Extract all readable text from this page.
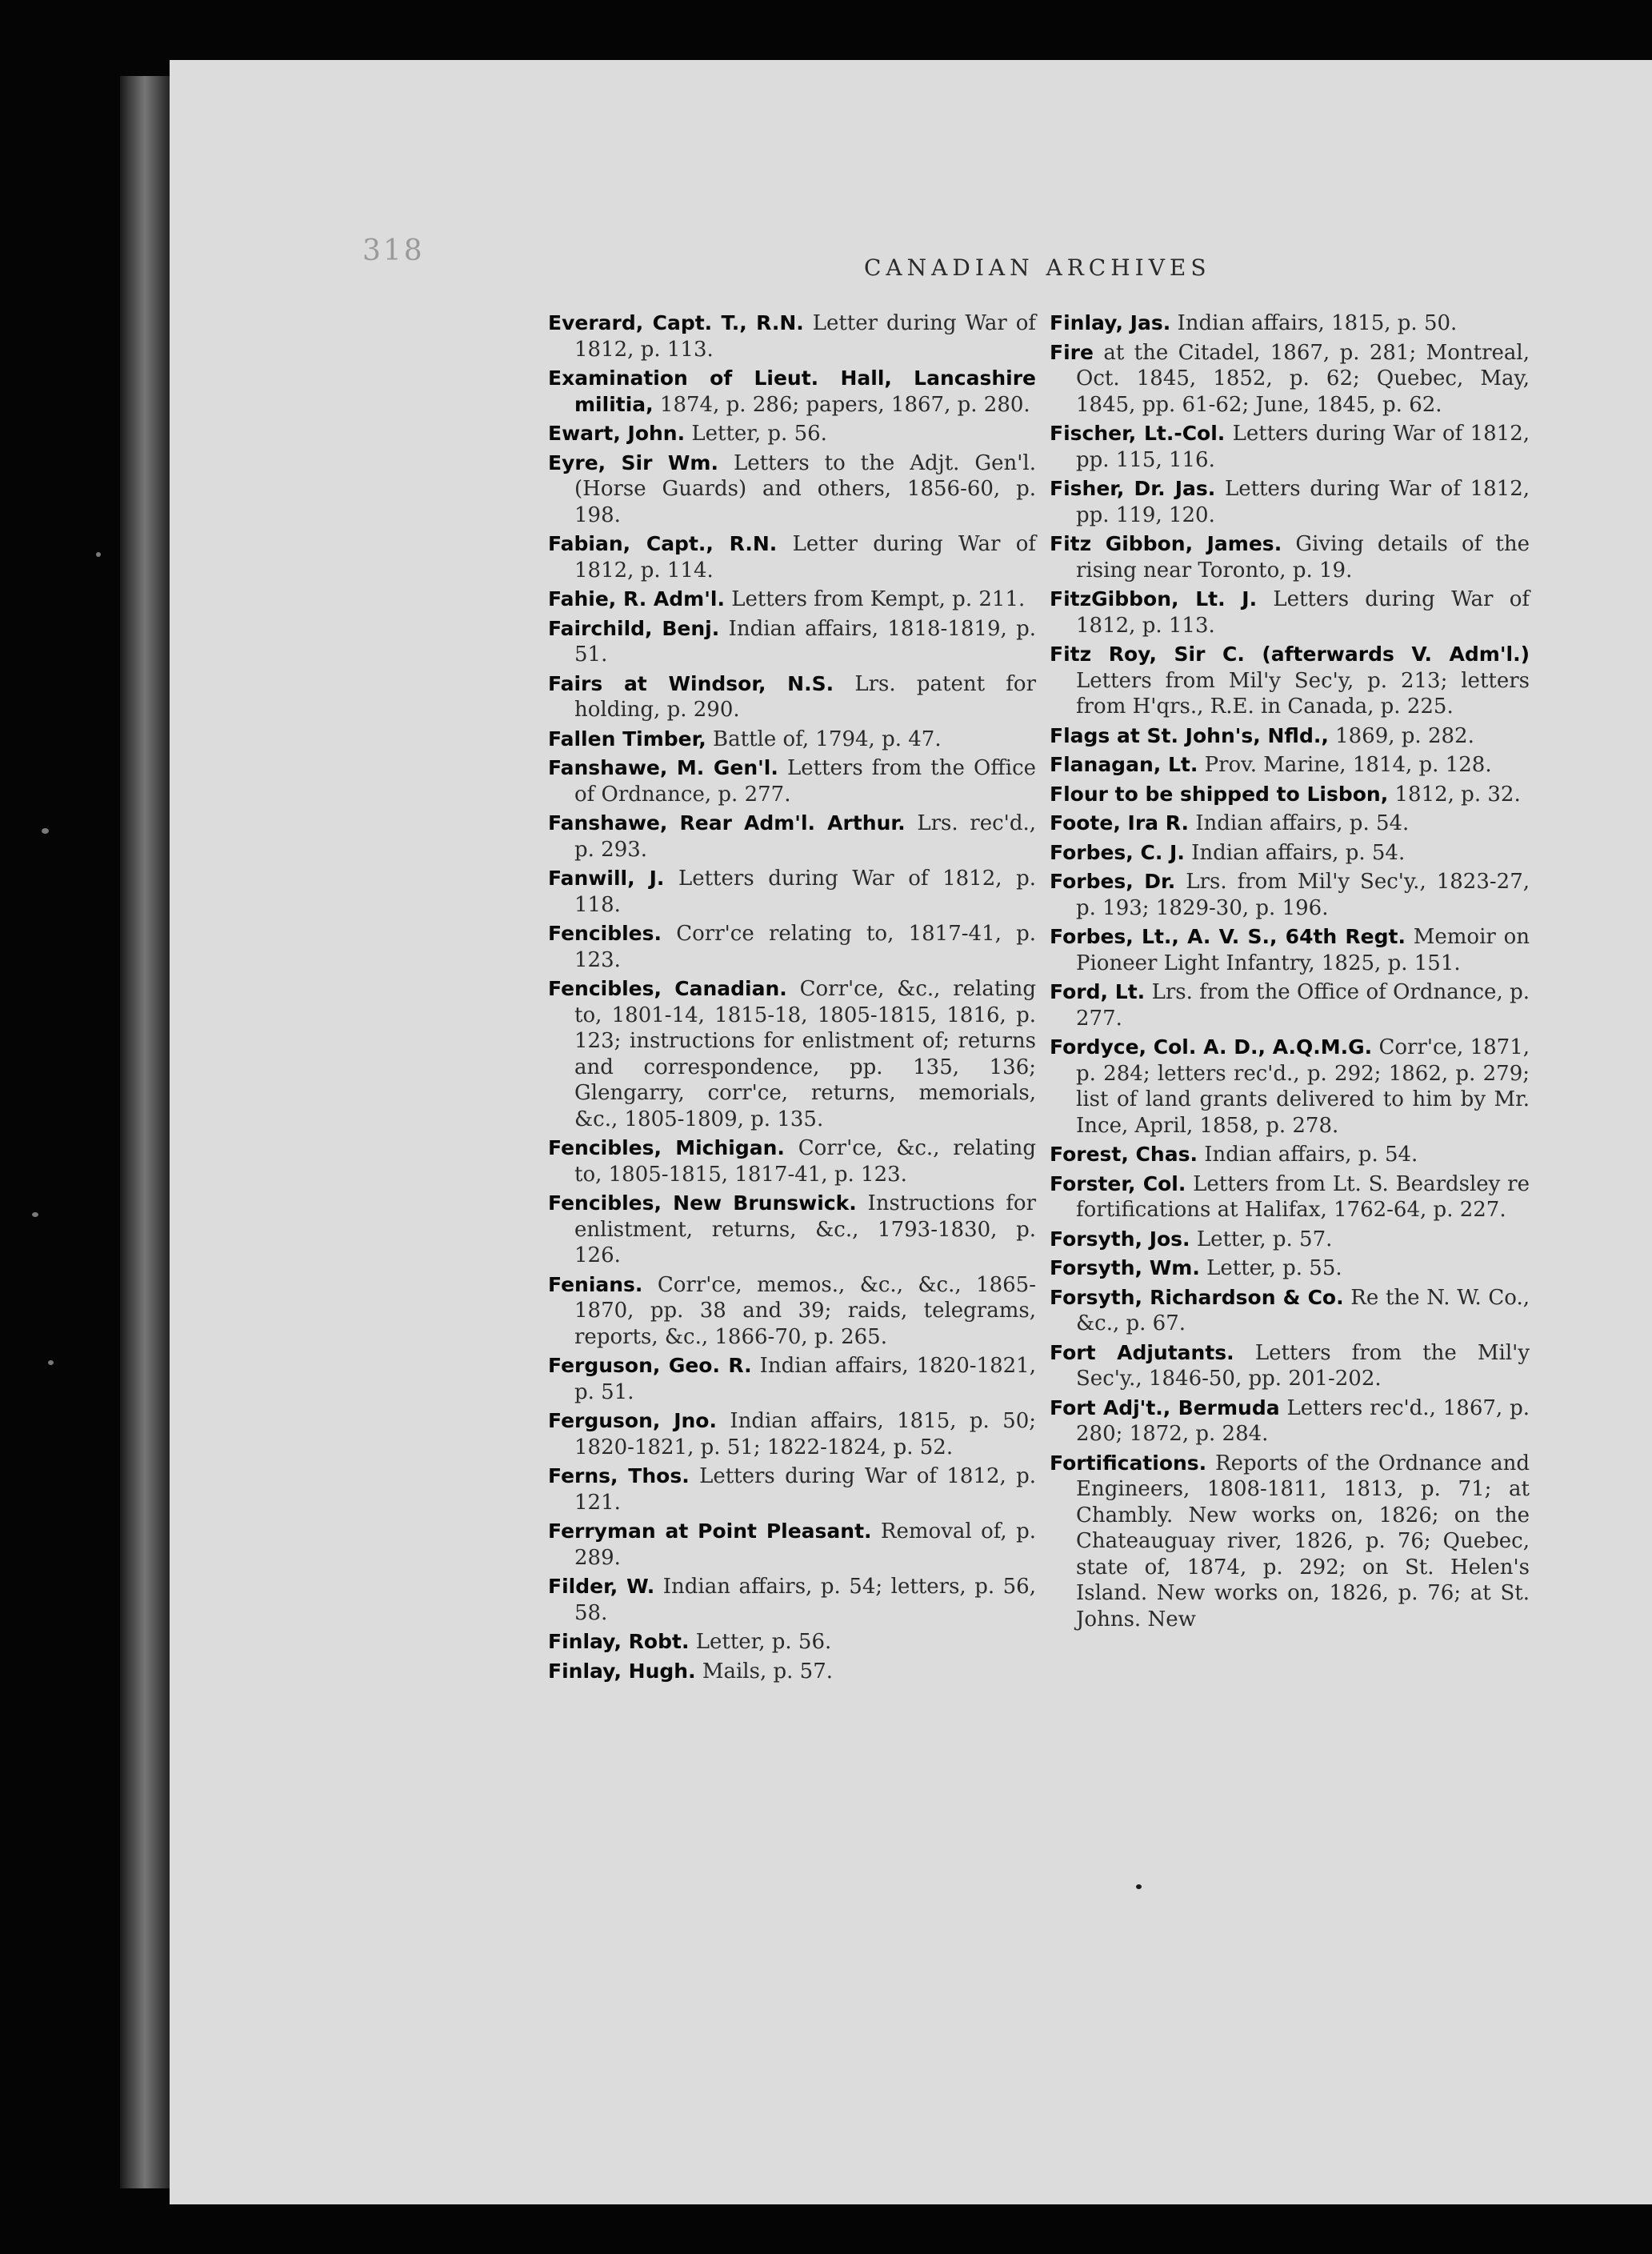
318
CANADIAN ARCHIVES

Everard, Capt. T., R.N. Letter during War of 1812, p. 113.

Examination of Lieut. Hall, Lancashire militia, 1874, p. 286; papers, 1867, p. 280.

Ewart, John. Letter, p. 56.

Eyre, Sir Wm. Letters to the Adjt. Gen'l. (Horse Guards) and others, 1856-60, p. 198.

Fabian, Capt., R.N. Letter during War of 1812, p. 114.

Fahie, R. Adm'l. Letters from Kempt, p. 211.

Fairchild, Benj. Indian affairs, 1818-1819, p. 51.

Fairs at Windsor, N.S. Lrs. patent for holding, p. 290.

Fallen Timber, Battle of, 1794, p. 47.

Fanshawe, M. Gen'l. Letters from the Office of Ordnance, p. 277.

Fanshawe, Rear Adm'l. Arthur. Lrs. rec'd., p. 293.

Fanwill, J. Letters during War of 1812, p. 118.

Fencibles. Corr'ce relating to, 1817-41, p. 123.

Fencibles, Canadian. Corr'ce, &c., relating to, 1801-14, 1815-18, 1805-1815, 1816, p. 123; instructions for enlistment of; returns and correspondence, pp. 135, 136; Glengarry, corr'ce, returns, memorials, &c., 1805-1809, p. 135.

Fencibles, Michigan. Corr'ce, &c., relating to, 1805-1815, 1817-41, p. 123.

Fencibles, New Brunswick. Instructions for enlistment, returns, &c., 1793-1830, p. 126.

Fenians. Corr'ce, memos., &c., &c., 1865-1870, pp. 38 and 39; raids, telegrams, reports, &c., 1866-70, p. 265.

Ferguson, Geo. R. Indian affairs, 1820-1821, p. 51.

Ferguson, Jno. Indian affairs, 1815, p. 50; 1820-1821, p. 51; 1822-1824, p. 52.

Ferns, Thos. Letters during War of 1812, p. 121.

Ferryman at Point Pleasant. Removal of, p. 289.

Filder, W. Indian affairs, p. 54; letters, p. 56, 58.

Finlay, Robt. Letter, p. 56.

Finlay, Hugh. Mails, p. 57.

Finlay, Jas. Indian affairs, 1815, p. 50.

Fire at the Citadel, 1867, p. 281; Montreal, Oct. 1845, 1852, p. 62; Quebec, May, 1845, pp. 61-62; June, 1845, p. 62.

Fischer, Lt.-Col. Letters during War of 1812, pp. 115, 116.

Fisher, Dr. Jas. Letters during War of 1812, pp. 119, 120.

Fitz Gibbon, James. Giving details of the rising near Toronto, p. 19.

FitzGibbon, Lt. J. Letters during War of 1812, p. 113.

Fitz Roy, Sir C. (afterwards V. Adm'l.) Letters from Mil'y Sec'y, p. 213; letters from H'qrs., R.E. in Canada, p. 225.

Flags at St. John's, Nfld., 1869, p. 282.

Flanagan, Lt. Prov. Marine, 1814, p. 128.

Flour to be shipped to Lisbon, 1812, p. 32.

Foote, Ira R. Indian affairs, p. 54.

Forbes, C. J. Indian affairs, p. 54.

Forbes, Dr. Lrs. from Mil'y Sec'y., 1823-27, p. 193; 1829-30, p. 196.

Forbes, Lt., A. V. S., 64th Regt. Memoir on Pioneer Light Infantry, 1825, p. 151.

Ford, Lt. Lrs. from the Office of Ordnance, p. 277.

Fordyce, Col. A. D., A.Q.M.G. Corr'ce, 1871, p. 284; letters rec'd., p. 292; 1862, p. 279; list of land grants delivered to him by Mr. Ince, April, 1858, p. 278.

Forest, Chas. Indian affairs, p. 54.

Forster, Col. Letters from Lt. S. Beardsley re fortifications at Halifax, 1762-64, p. 227.

Forsyth, Jos. Letter, p. 57.

Forsyth, Wm. Letter, p. 55.

Forsyth, Richardson & Co. Re the N. W. Co., &c., p. 67.

Fort Adjutants. Letters from the Mil'y Sec'y., 1846-50, pp. 201-202.

Fort Adj't., Bermuda Letters rec'd., 1867, p. 280; 1872, p. 284.

Fortifications. Reports of the Ordnance and Engineers, 1808-1811, 1813, p. 71; at Chambly. New works on, 1826; on the Chateauguay river, 1826, p. 76; Quebec, state of, 1874, p. 292; on St. Helen's Island. New works on, 1826, p. 76; at St. Johns. New
